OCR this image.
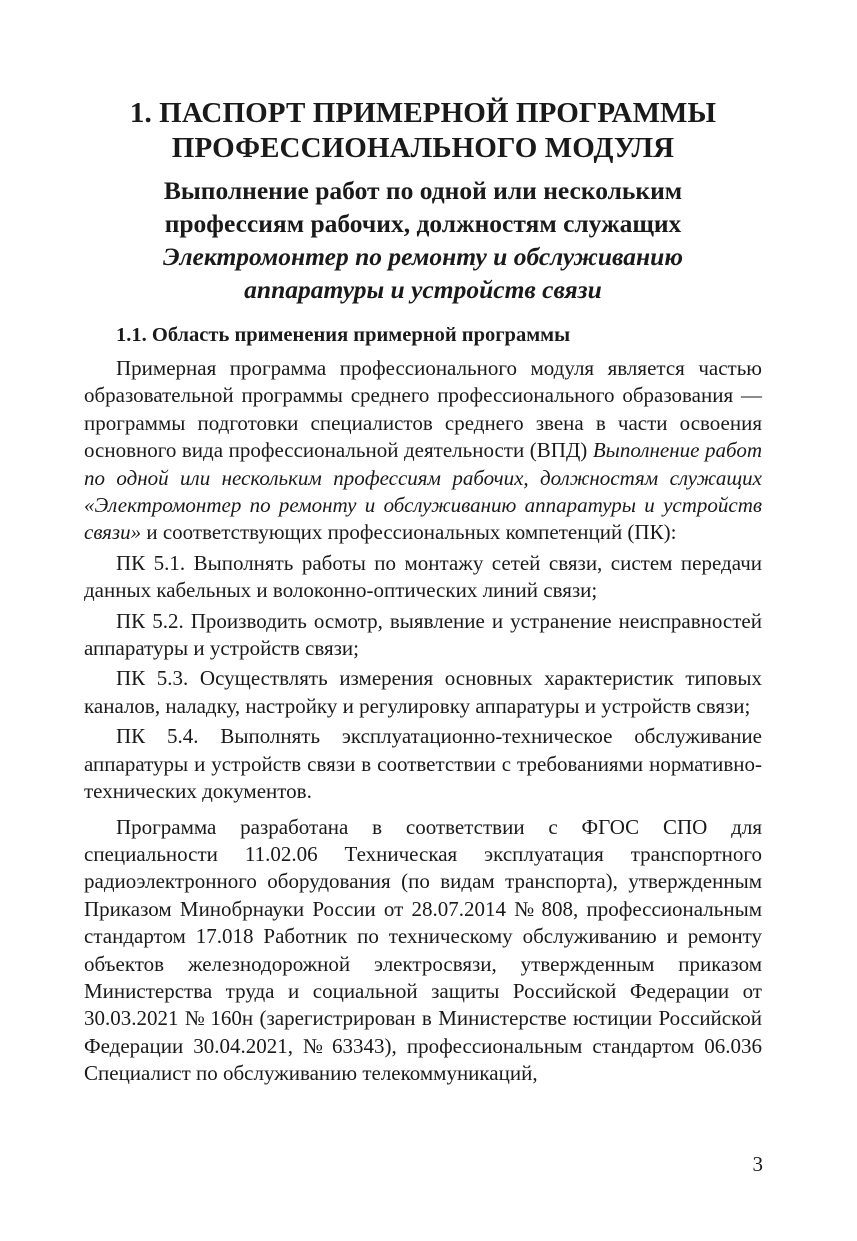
1. ПАСПОРТ ПРИМЕРНОЙ ПРОГРАММЫ
ПРОФЕССИОНАЛЬНОГО МОДУЛЯ
Выполнение работ по одной или нескольким
профессиям рабочих, должностям служащих
Электромонтер по ремонту и обслуживанию
аппаратуры и устройств связи
1.1. Область применения примерной программы

Примерная программа профессионального модуля является частью образовательной программы среднего профессионального образования — программы подготовки специалистов среднего звена в части освоения основного вида профессиональной деятельности (ВПД) Выполнение работ по одной или нескольким профессиям рабочих, должностям служащих «Электромонтер по ремонту и обслуживанию аппаратуры и устройств связи» и соответствующих профессиональных компетенций (ПК):

ПК 5.1. Выполнять работы по монтажу сетей связи, систем передачи данных кабельных и волоконно-оптических линий связи;

ПК 5.2. Производить осмотр, выявление и устранение неисправностей аппаратуры и устройств связи;

ПК 5.3. Осуществлять измерения основных характеристик типовых каналов, наладку, настройку и регулировку аппаратуры и устройств связи;

ПК 5.4. Выполнять эксплуатационно-техническое обслуживание аппаратуры и устройств связи в соответствии с требованиями нормативно-технических документов.

Программа разработана в соответствии с ФГОС СПО для специальности 11.02.06 Техническая эксплуатация транспортного радиоэлектронного оборудования (по видам транспорта), утвержденным Приказом Минобрнауки России от 28.07.2014 № 808, профессиональным стандартом 17.018 Работник по техническому обслуживанию и ремонту объектов железнодорожной электросвязи, утвержденным приказом Министерства труда и социальной защиты Российской Федерации от 30.03.2021 № 160н (зарегистрирован в Министерстве юстиции Российской Федерации 30.04.2021, № 63343), профессиональным стандартом 06.036 Специалист по обслуживанию телекоммуникаций,

3
